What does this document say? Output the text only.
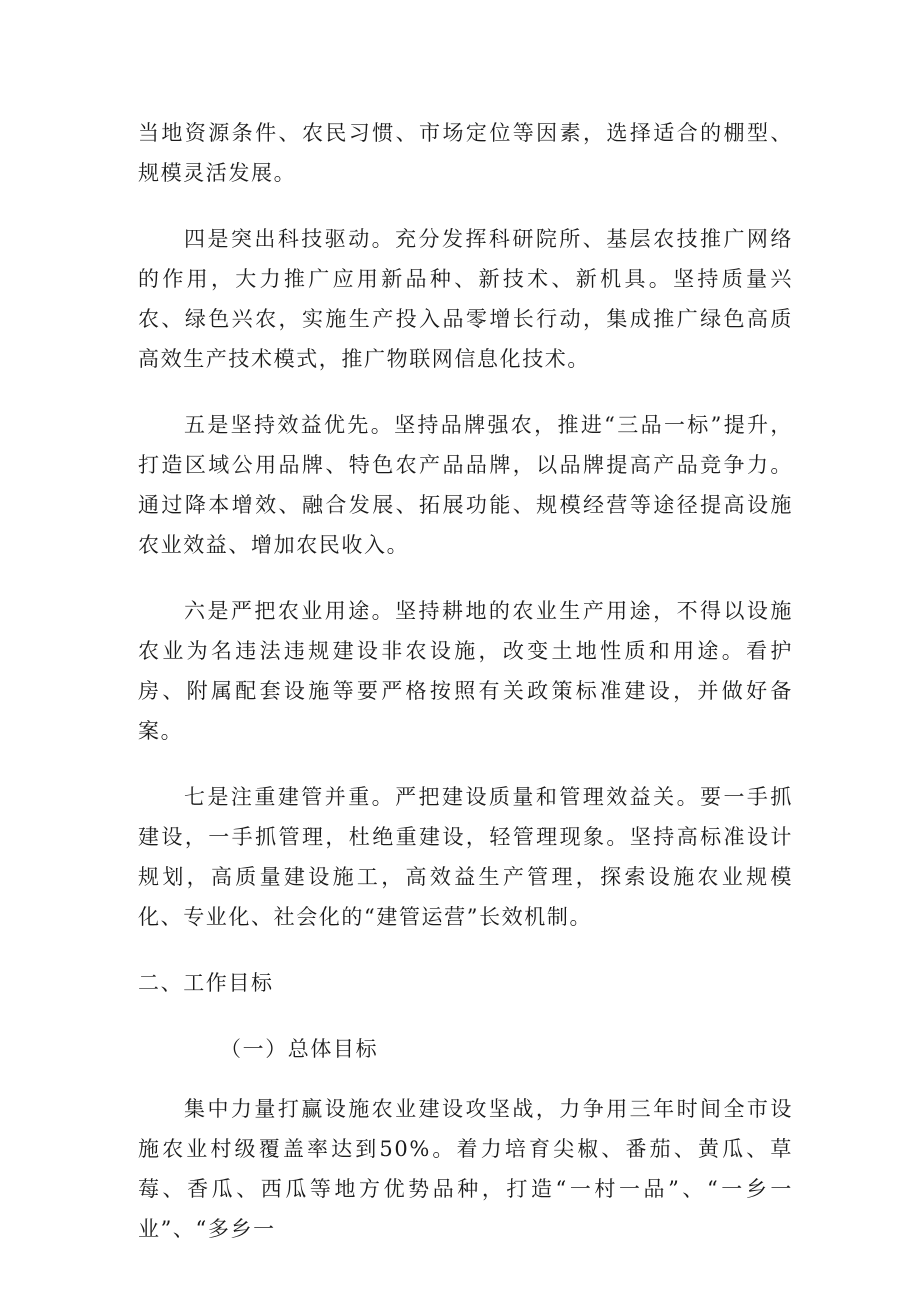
当地资源条件、农民习惯、市场定位等因素，选择适合的棚型、规模灵活发展。

四是突出科技驱动。充分发挥科研院所、基层农技推广网络的作用，大力推广应用新品种、新技术、新机具。坚持质量兴农、绿色兴农，实施生产投入品零增长行动，集成推广绿色高质高效生产技术模式，推广物联网信息化技术。

五是坚持效益优先。坚持品牌强农，推进“三品一标”提升，打造区域公用品牌、特色农产品品牌，以品牌提高产品竞争力。通过降本增效、融合发展、拓展功能、规模经营等途径提高设施农业效益、增加农民收入。

六是严把农业用途。坚持耕地的农业生产用途，不得以设施农业为名违法违规建设非农设施，改变土地性质和用途。看护房、附属配套设施等要严格按照有关政策标准建设，并做好备案。

七是注重建管并重。严把建设质量和管理效益关。要一手抓建设，一手抓管理，杜绝重建设，轻管理现象。坚持高标准设计规划，高质量建设施工，高效益生产管理，探索设施农业规模化、专业化、社会化的“建管运营”长效机制。

二、工作目标

（一）总体目标

集中力量打赢设施农业建设攻坚战，力争用三年时间全市设施农业村级覆盖率达到50%。着力培育尖椒、番茄、黄瓜、草莓、香瓜、西瓜等地方优势品种，打造“一村一品”、“一乡一业”、“多乡一
